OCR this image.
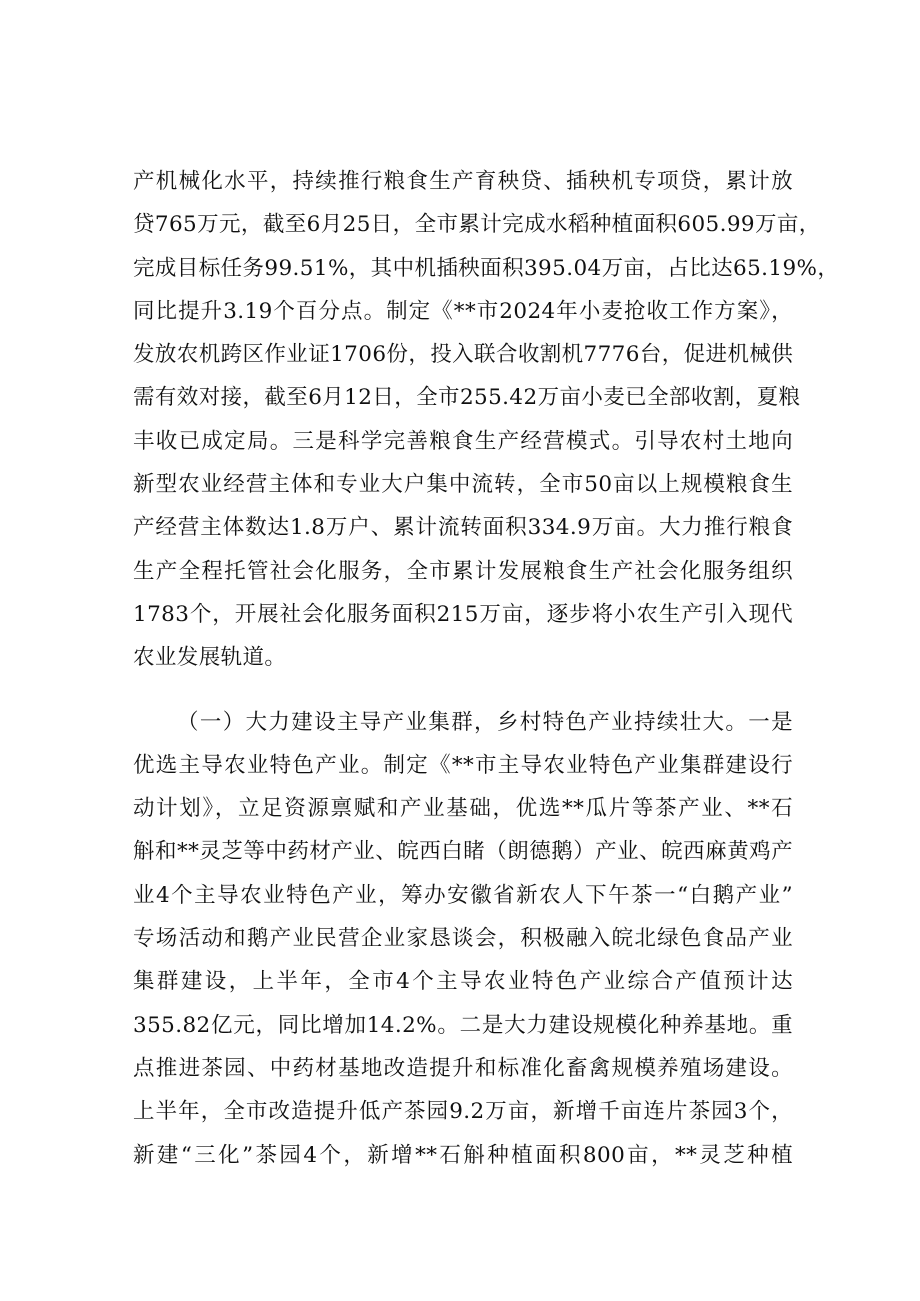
产机械化水平，持续推行粮食生产育秧贷、插秧机专项贷，累计放
贷765万元，截至6月25日，全市累计完成水稻种植面积605.99万亩，
完成目标任务99.51%，其中机插秧面积395.04万亩，占比达65.19%，
同比提升3.19个百分点。制定《**市2024年小麦抢收工作方案》，
发放农机跨区作业证1706份，投入联合收割机7776台，促进机械供
需有效对接，截至6月12日，全市255.42万亩小麦已全部收割，夏粮
丰收已成定局。三是科学完善粮食生产经营模式。引导农村土地向
新型农业经营主体和专业大户集中流转，全市50亩以上规模粮食生
产经营主体数达1.8万户、累计流转面积334.9万亩。大力推行粮食
生产全程托管社会化服务，全市累计发展粮食生产社会化服务组织
1783个，开展社会化服务面积215万亩，逐步将小农生产引入现代
农业发展轨道。
（一）大力建设主导产业集群，乡村特色产业持续壮大。一是
优选主导农业特色产业。制定《**市主导农业特色产业集群建设行
动计划》，立足资源禀赋和产业基础，优选**瓜片等茶产业、**石
斛和**灵芝等中药材产业、皖西白睹（朗德鹅）产业、皖西麻黄鸡产
业4个主导农业特色产业，筹办安徽省新农人下午茶一“白鹅产业”
专场活动和鹅产业民营企业家恳谈会，积极融入皖北绿色食品产业
集群建设，上半年，全市4个主导农业特色产业综合产值预计达
355.82亿元，同比增加14.2%。二是大力建设规模化种养基地。重
点推进茶园、中药材基地改造提升和标准化畜禽规模养殖场建设。
上半年，全市改造提升低产茶园9.2万亩，新增千亩连片茶园3个，
新建“三化”茶园4个，新增**石斛种植面积800亩，**灵芝种植
